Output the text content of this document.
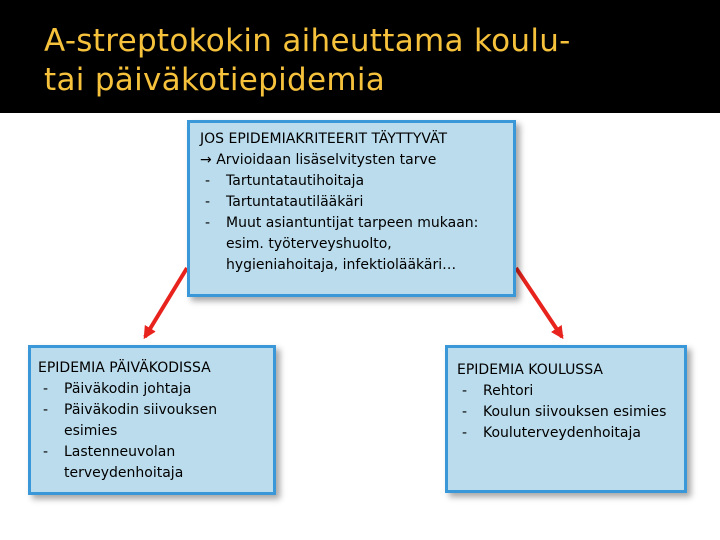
A-streptokokin aiheuttama koulu-
tai päiväkotiepidemia
JOS EPIDEMIAKRITEERIT TÄYTTYVÄT
→ Arvioidaan lisäselvitysten tarve
- Tartuntatautihoitaja
- Tartuntatautilääkäri
- Muut asiantuntijat tarpeen mukaan: esim. työterveyshuolto, hygieniahoitaja, infektiolääkäri…
EPIDEMIA PÄIVÄKODISSA
- Päiväkodin johtaja
- Päiväkodin siivouksen esimies
- Lastenneuvolan terveydenhoitaja
EPIDEMIA KOULUSSA
- Rehtori
- Koulun siivouksen esimies
- Kouluterveydenhoitaja
